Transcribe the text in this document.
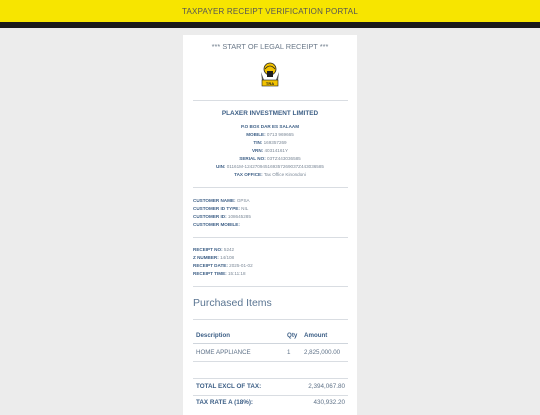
TAXPAYER RECEIPT VERIFICATION PORTAL
*** START OF LEGAL RECEIPT ***
TRA
PLAXER INVESTMENT LIMITED
P.O BOX DAR ES SALAAM
MOBILE: 0713 969665
TIN: 169357269
VRN: 40314161Y
SERIAL NO: 03TZ443036585
UIN: 01161M-124270945169357269037Z443036585
TAX OFFICE: Tax Office Kinondoni
CUSTOMER NAME: GPSA
CUSTOMER ID TYPE: NIL
CUSTOMER ID: 108645285
CUSTOMER MOBILE:
RECEIPT NO: 5242
Z NUMBER: 14/108
RECEIPT DATE: 2025-01-02
RECEIPT TIME: 15:11:18
Purchased Items
Description	Qty Amount
HOME APPLIANCE	1 2,825,000.00
TOTAL EXCL OF TAX:	2,394,067.80
TAX RATE A (18%):	430,932.20
